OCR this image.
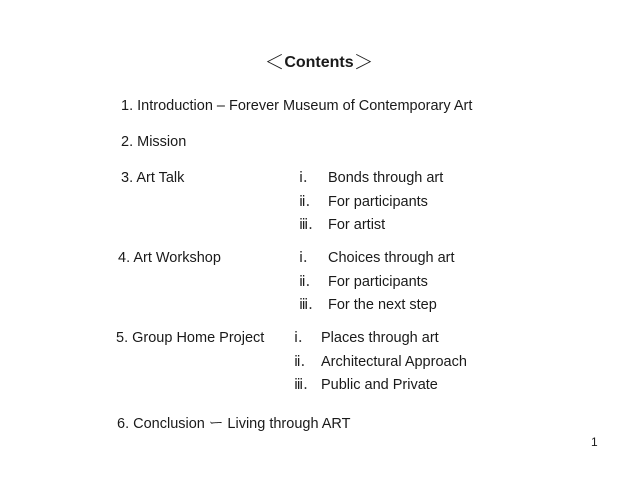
＜Contents＞
1. Introduction – Forever Museum of Contemporary Art
2. Mission
3. Art Talk	ⅰ． Bonds through art
ⅱ． For participants
ⅲ． For artist
4. Art Workshop	ⅰ． Choices through art
ⅱ． For participants
ⅲ． For the next step
5. Group Home Project ⅰ． Places through art
ⅱ． Architectural Approach
ⅲ． Public and Private
6. Conclusion ー Living through ART
1
